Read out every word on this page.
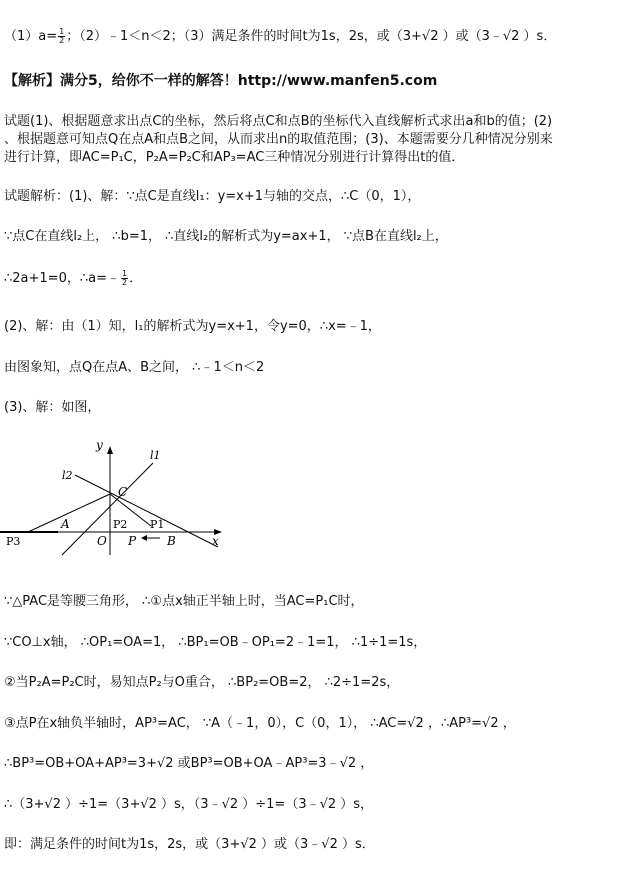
$(1)a= \frac{1}{2}$ ；（2）﹣1＜n＜2；（3）满足条件的时间t为1s，2s，或（3+√2 ）或（3﹣√2 ）s．
【解析】满分5，给你不一样的解答！http://www.manfen5.com
试题(1)、根据题意求出点C的坐标，然后将点C和点B的坐标代入直线解析式求出a和b的值；(2)
、根据题意可知点Q在点A和点B之间，从而求出n的取值范围；(3)、本题需要分几种情况分别来
进行计算，即AC=P₁C，P₂A=P₂C和AP₃=AC三种情况分别进行计算得出t的值．
试题解析：(1)、解：∵点C是直线l₁：y=x+1与轴的交点，∴C（0，1），
∵点C在直线l₂上， ∴b=1， ∴直线l₂的解析式为y=ax+1， ∵点B在直线l₂上，
∴2a+1=0，∴a=﹣ $\frac{1}{2}$ ．
(2)、解：由（1）知，l₁的解析式为y=x+1，令y=0，∴x=﹣1，
由图象知，点Q在点A、B之间， ∴﹣1＜n＜2
(3)、解：如图，
y
x
l1
l2
C
A
O P	B
P1
P2
P3
∵△PAC是等腰三角形， ∴①点x轴正半轴上时，当AC=P₁C时，
∵CO⊥x轴， ∴OP₁=OA=1， ∴BP₁=OB﹣OP₁=2﹣1=1， ∴1÷1=1s，
②当P₂A=P₂C时，易知点P₂与O重合， ∴BP₂=OB=2， ∴2÷1=2s，
③点P在x轴负半轴时，AP³=AC， ∵A（﹣1，0），C（0，1）， ∴AC=√2 ，∴AP³=√2 ，
∴BP³=OB+OA+AP³=3+√2 或BP³=OB+OA﹣AP³=3﹣√2 ，
∴（3+√2 ）÷1=（3+√2 ）s，（3﹣√2 ）÷1=（3﹣√2 ）s，
即：满足条件的时间t为1s，2s，或（3+√2 ）或（3﹣√2 ）s．
